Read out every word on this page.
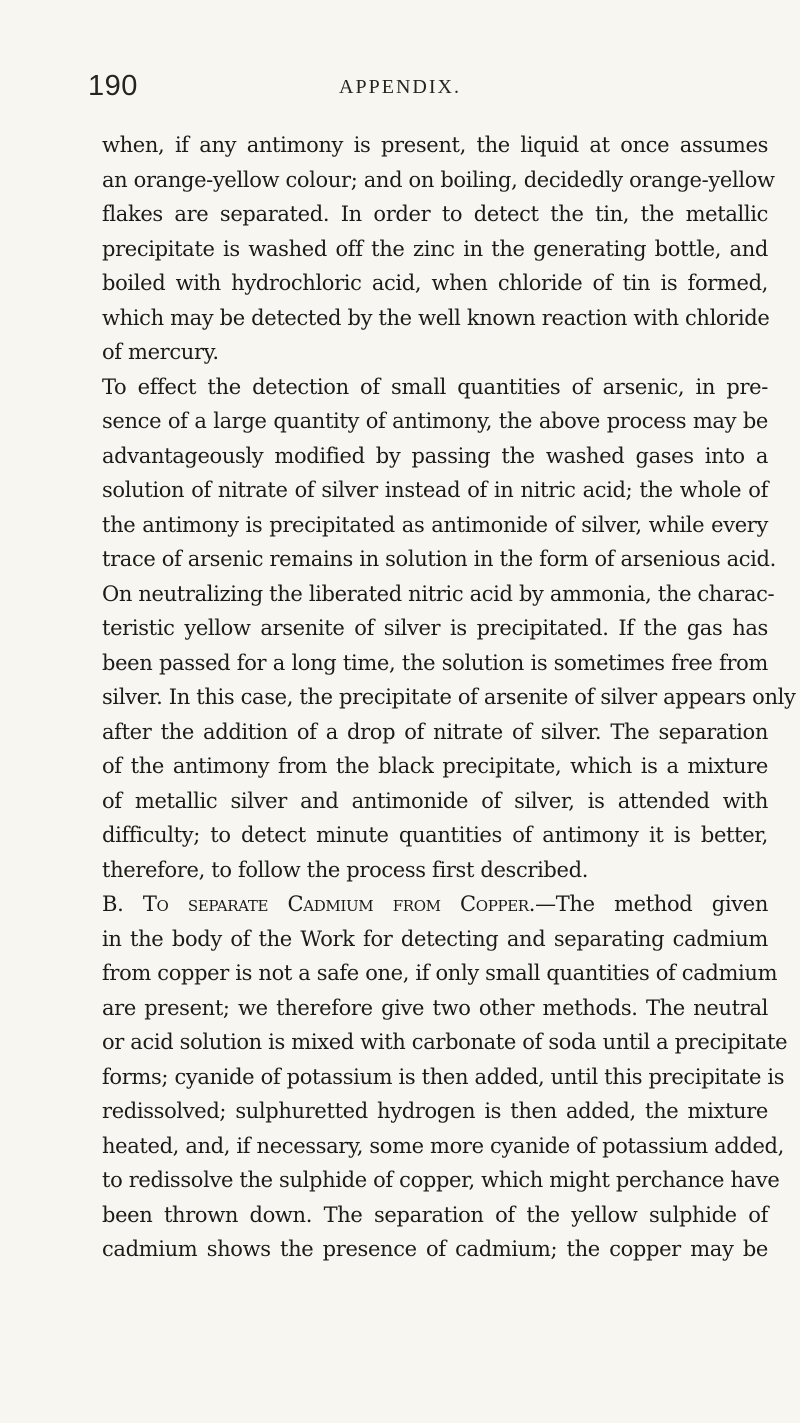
190	APPENDIX.
when, if any antimony is present, the liquid at once assumes
an orange-yellow colour; and on boiling, decidedly orange-yellow
flakes are separated. In order to detect the tin, the metallic
precipitate is washed off the zinc in the generating bottle, and
boiled with hydrochloric acid, when chloride of tin is formed,
which may be detected by the well known reaction with chloride
of mercury.
To effect the detection of small quantities of arsenic, in pre-
sence of a large quantity of antimony, the above process may be
advantageously modified by passing the washed gases into a
solution of nitrate of silver instead of in nitric acid; the whole of
the antimony is precipitated as antimonide of silver, while every
trace of arsenic remains in solution in the form of arsenious acid.
On neutralizing the liberated nitric acid by ammonia, the charac-
teristic yellow arsenite of silver is precipitated. If the gas has
been passed for a long time, the solution is sometimes free from
silver. In this case, the precipitate of arsenite of silver appears only
after the addition of a drop of nitrate of silver. The separation
of the antimony from the black precipitate, which is a mixture
of metallic silver and antimonide of silver, is attended with
difficulty; to detect minute quantities of antimony it is better,
therefore, to follow the process first described.
B. To separate Cadmium from Copper.—The method given
in the body of the Work for detecting and separating cadmium
from copper is not a safe one, if only small quantities of cadmium
are present; we therefore give two other methods. The neutral
or acid solution is mixed with carbonate of soda until a precipitate
forms; cyanide of potassium is then added, until this precipitate is
redissolved; sulphuretted hydrogen is then added, the mixture
heated, and, if necessary, some more cyanide of potassium added,
to redissolve the sulphide of copper, which might perchance have
been thrown down. The separation of the yellow sulphide of
cadmium shows the presence of cadmium; the copper may be
